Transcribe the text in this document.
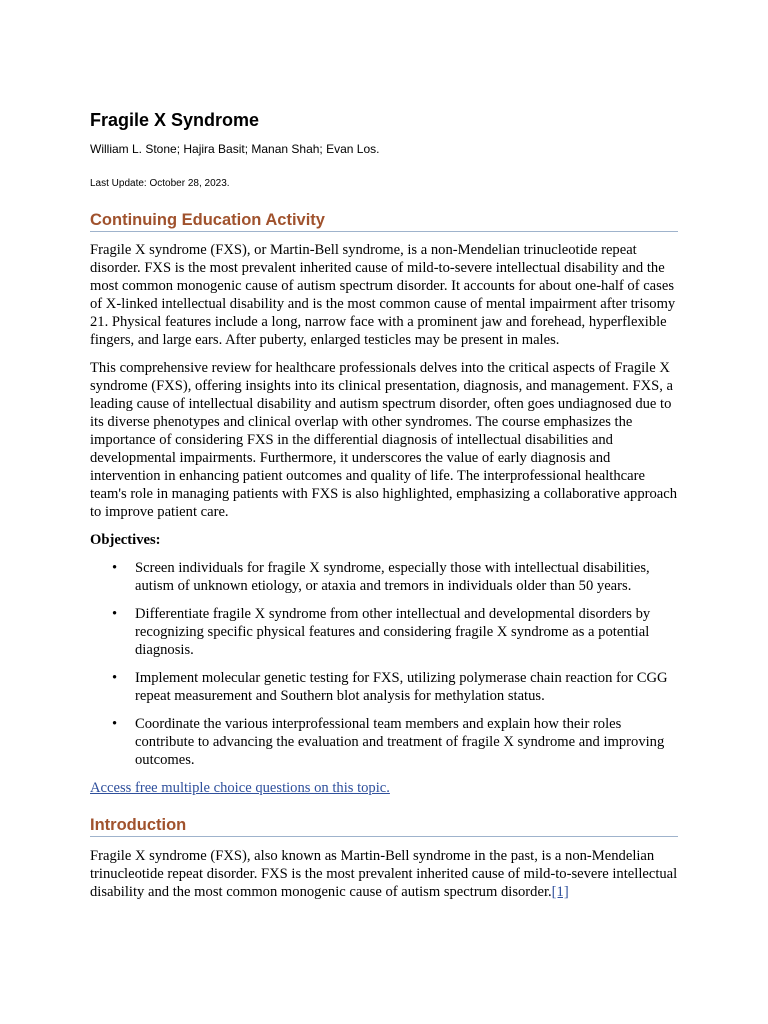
Fragile X Syndrome
William L. Stone; Hajira Basit; Manan Shah; Evan Los.
Last Update: October 28, 2023.
Continuing Education Activity

Fragile X syndrome (FXS), or Martin-Bell syndrome, is a non-Mendelian trinucleotide repeat disorder. FXS is the most prevalent inherited cause of mild-to-severe intellectual disability and the most common monogenic cause of autism spectrum disorder. It accounts for about one-half of cases of X-linked intellectual disability and is the most common cause of mental impairment after trisomy 21. Physical features include a long, narrow face with a prominent jaw and forehead, hyperflexible fingers, and large ears. After puberty, enlarged testicles may be present in males.

This comprehensive review for healthcare professionals delves into the critical aspects of Fragile X syndrome (FXS), offering insights into its clinical presentation, diagnosis, and management. FXS, a leading cause of intellectual disability and autism spectrum disorder, often goes undiagnosed due to its diverse phenotypes and clinical overlap with other syndromes. The course emphasizes the importance of considering FXS in the differential diagnosis of intellectual disabilities and developmental impairments. Furthermore, it underscores the value of early diagnosis and intervention in enhancing patient outcomes and quality of life. The interprofessional healthcare team's role in managing patients with FXS is also highlighted, emphasizing a collaborative approach to improve patient care.

Objectives:
• Screen individuals for fragile X syndrome, especially those with intellectual disabilities, autism of unknown etiology, or ataxia and tremors in individuals older than 50 years.
• Differentiate fragile X syndrome from other intellectual and developmental disorders by recognizing specific physical features and considering fragile X syndrome as a potential diagnosis.
• Implement molecular genetic testing for FXS, utilizing polymerase chain reaction for CGG repeat measurement and Southern blot analysis for methylation status.
• Coordinate the various interprofessional team members and explain how their roles contribute to advancing the evaluation and treatment of fragile X syndrome and improving outcomes.
Access free multiple choice questions on this topic.
Introduction

Fragile X syndrome (FXS), also known as Martin-Bell syndrome in the past, is a non-Mendelian trinucleotide repeat disorder. FXS is the most prevalent inherited cause of mild-to-severe intellectual disability and the most common monogenic cause of autism spectrum disorder.[1]
